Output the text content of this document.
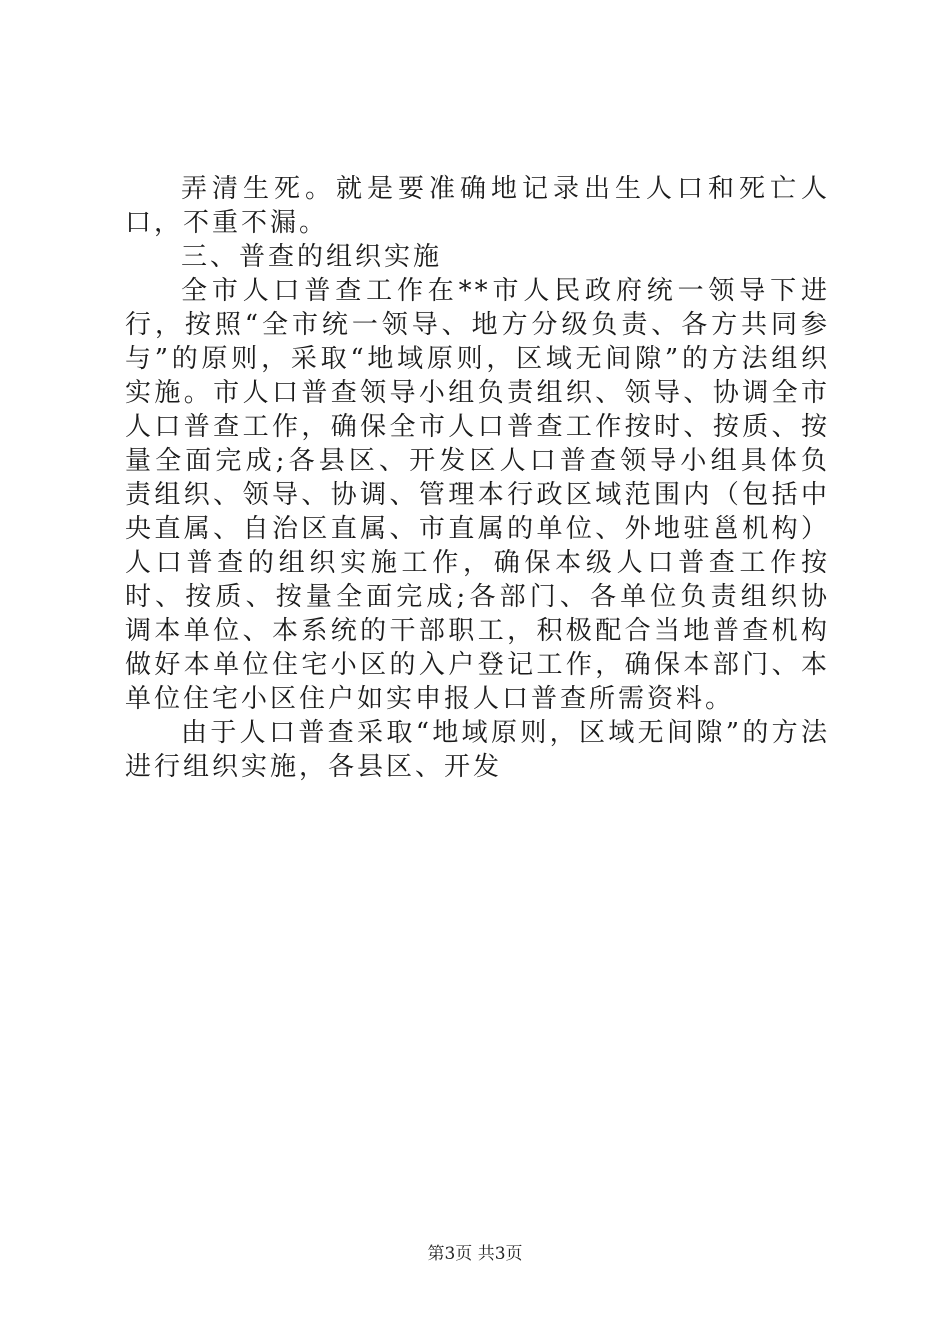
弄清生死。就是要准确地记录出生人口和死亡人口，不重不漏。

三、普查的组织实施

全市人口普查工作在**市人民政府统一领导下进行，按照“全市统一领导、地方分级负责、各方共同参与”的原则，采取“地域原则，区域无间隙”的方法组织实施。市人口普查领导小组负责组织、领导、协调全市人口普查工作，确保全市人口普查工作按时、按质、按量全面完成;各县区、开发区人口普查领导小组具体负责组织、领导、协调、管理本行政区域范围内（包括中央直属、自治区直属、市直属的单位、外地驻邕机构）人口普查的组织实施工作，确保本级人口普查工作按时、按质、按量全面完成;各部门、各单位负责组织协调本单位、本系统的干部职工，积极配合当地普查机构做好本单位住宅小区的入户登记工作，确保本部门、本单位住宅小区住户如实申报人口普查所需资料。

由于人口普查采取“地域原则，区域无间隙”的方法进行组织实施，各县区、开发

第3页 共3页
